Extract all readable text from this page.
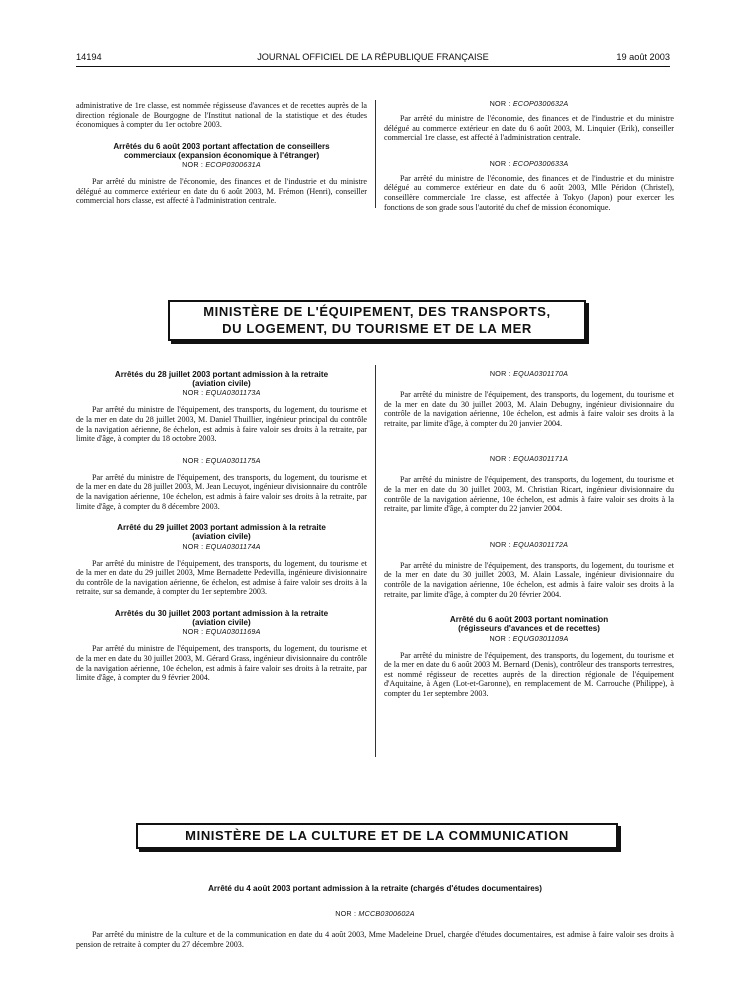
14194	JOURNAL OFFICIEL DE LA RÉPUBLIQUE FRANÇAISE	19 août 2003

administrative de 1re classe, est nommée régisseuse d'avances et de recettes auprès de la direction régionale de Bourgogne de l'Institut national de la statistique et des études économiques à compter du 1er octobre 2003.

Arrêtés du 6 août 2003 portant affectation de conseillers
commerciaux (expansion économique à l'étranger)

NOR : ECOP0300631A

Par arrêté du ministre de l'économie, des finances et de l'industrie et du ministre délégué au commerce extérieur en date du 6 août 2003, M. Frémon (Henri), conseiller commercial hors classe, est affecté à l'administration centrale.

NOR : ECOP0300632A

Par arrêté du ministre de l'économie, des finances et de l'industrie et du ministre délégué au commerce extérieur en date du 6 août 2003, M. Linquier (Erik), conseiller commercial 1re classe, est affecté à l'administration centrale.

NOR : ECOP0300633A

Par arrêté du ministre de l'économie, des finances et de l'industrie et du ministre délégué au commerce extérieur en date du 6 août 2003, Mlle Péridon (Christel), conseillère commerciale 1re classe, est affectée à Tokyo (Japon) pour exercer les fonctions de son grade sous l'autorité du chef de mission économique.

MINISTÈRE DE L'ÉQUIPEMENT, DES TRANSPORTS,
DU LOGEMENT, DU TOURISME ET DE LA MER

Arrêtés du 28 juillet 2003 portant admission à la retraite
(aviation civile)

NOR : EQUA0301173A

Par arrêté du ministre de l'équipement, des transports, du logement, du tourisme et de la mer en date du 28 juillet 2003, M. Daniel Thuillier, ingénieur principal du contrôle de la navigation aérienne, 8e échelon, est admis à faire valoir ses droits à la retraite, par limite d'âge, à compter du 18 octobre 2003.

NOR : EQUA0301175A

Par arrêté du ministre de l'équipement, des transports, du logement, du tourisme et de la mer en date du 28 juillet 2003, M. Jean Lecuyot, ingénieur divisionnaire du contrôle de la navigation aérienne, 10e échelon, est admis à faire valoir ses droits à la retraite, par limite d'âge, à compter du 8 décembre 2003.

Arrêté du 29 juillet 2003 portant admission à la retraite
(aviation civile)

NOR : EQUA0301174A

Par arrêté du ministre de l'équipement, des transports, du logement, du tourisme et de la mer en date du 29 juillet 2003, Mme Bernadette Pedevilla, ingénieure divisionnaire du contrôle de la navigation aérienne, 6e échelon, est admise à faire valoir ses droits à la retraite, sur sa demande, à compter du 1er septembre 2003.

Arrêtés du 30 juillet 2003 portant admission à la retraite
(aviation civile)

NOR : EQUA0301169A

Par arrêté du ministre de l'équipement, des transports, du logement, du tourisme et de la mer en date du 30 juillet 2003, M. Gérard Grass, ingénieur divisionnaire du contrôle de la navigation aérienne, 10e échelon, est admis à faire valoir ses droits à la retraite, par limite d'âge, à compter du 9 février 2004.

NOR : EQUA0301170A

Par arrêté du ministre de l'équipement, des transports, du logement, du tourisme et de la mer en date du 30 juillet 2003, M. Alain Debugny, ingénieur divisionnaire du contrôle de la navigation aérienne, 10e échelon, est admis à faire valoir ses droits à la retraite, par limite d'âge, à compter du 20 janvier 2004.

NOR : EQUA0301171A

Par arrêté du ministre de l'équipement, des transports, du logement, du tourisme et de la mer en date du 30 juillet 2003, M. Christian Ricart, ingénieur divisionnaire du contrôle de la navigation aérienne, 10e échelon, est admis à faire valoir ses droits à la retraite, par limite d'âge, à compter du 22 janvier 2004.

NOR : EQUA0301172A

Par arrêté du ministre de l'équipement, des transports, du logement, du tourisme et de la mer en date du 30 juillet 2003, M. Alain Lassale, ingénieur divisionnaire du contrôle de la navigation aérienne, 10e échelon, est admis à faire valoir ses droits à la retraite, par limite d'âge, à compter du 20 février 2004.

Arrêté du 6 août 2003 portant nomination
(régisseurs d'avances et de recettes)

NOR : EQUG0301109A

Par arrêté du ministre de l'équipement, des transports, du logement, du tourisme et de la mer en date du 6 août 2003 M. Bernard (Denis), contrôleur des transports terrestres, est nommé régisseur de recettes auprès de la direction régionale de l'équipement d'Aquitaine, à Agen (Lot-et-Garonne), en remplacement de M. Carrouche (Philippe), à compter du 1er septembre 2003.

MINISTÈRE DE LA CULTURE ET DE LA COMMUNICATION

Arrêté du 4 août 2003 portant admission à la retraite (chargés d'études documentaires)

NOR : MCCB0300602A

Par arrêté du ministre de la culture et de la communication en date du 4 août 2003, Mme Madeleine Druel, chargée d'études documentaires, est admise à faire valoir ses droits à pension de retraite à compter du 27 décembre 2003.
